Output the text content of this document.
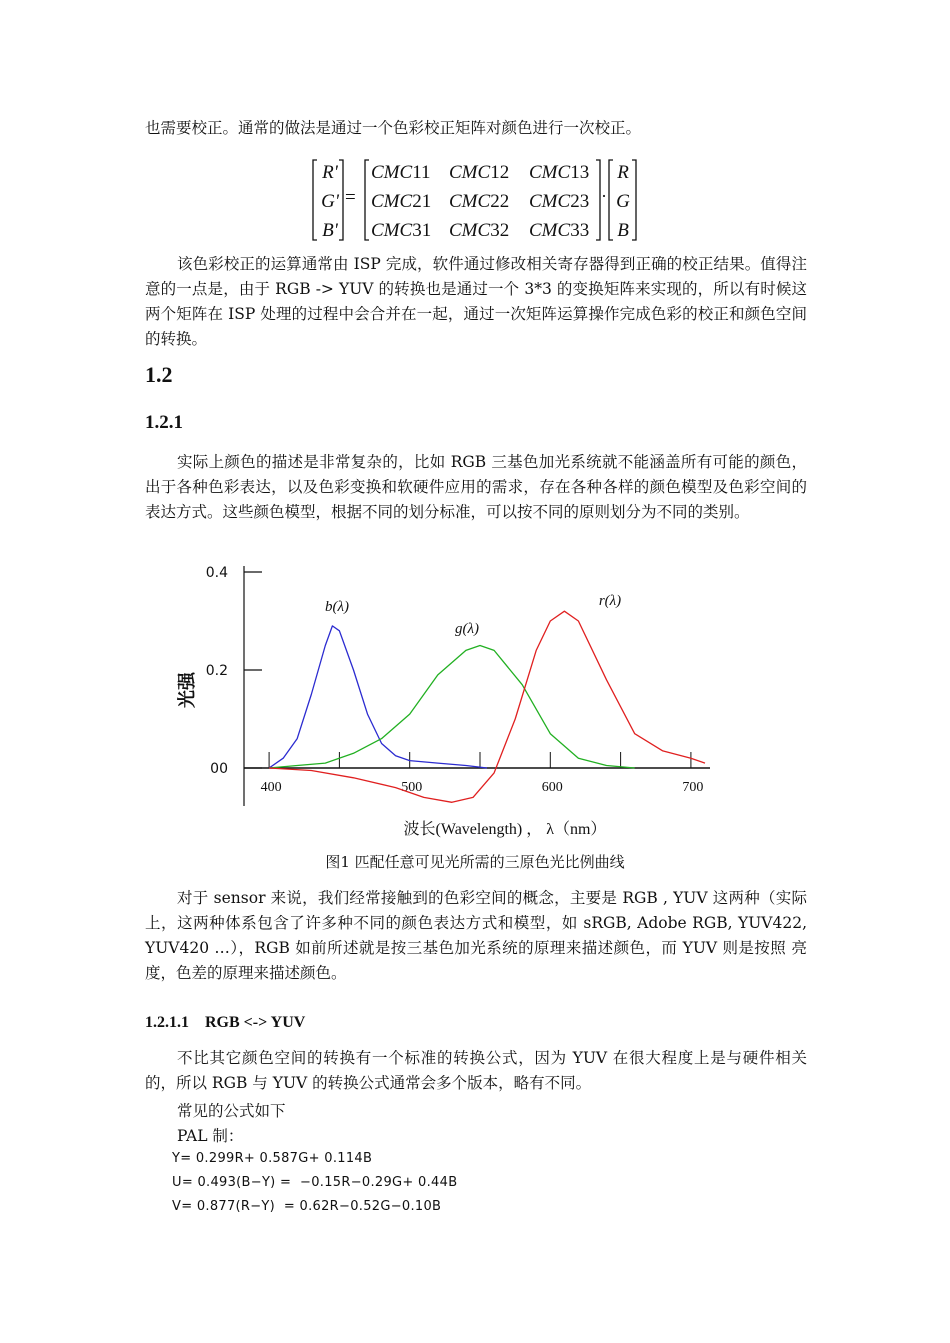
也需要校正。通常的做法是通过一个色彩校正矩阵对颜色进行一次校正。
R'
G'
B'
=
CMC11 CMC12 CMC13
CMC21 CMC22 CMC23
CMC31 CMC32 CMC33
·
R
G
B
该色彩校正的运算通常由 ISP 完成，软件通过修改相关寄存器得到正确的校正结果。值得注意的一点是，由于 RGB -> YUV 的转换也是通过一个 3*3 的变换矩阵来实现的，所以有时候这两个矩阵在 ISP 处理的过程中会合并在一起，通过一次矩阵运算操作完成色彩的校正和颜色空间的转换。
1.2
1.2.1
实际上颜色的描述是非常复杂的，比如 RGB 三基色加光系统就不能涵盖所有可能的颜色，出于各种色彩表达，以及色彩变换和软硬件应用的需求，存在各种各样的颜色模型及色彩空间的表达方式。这些颜色模型，根据不同的划分标准，可以按不同的原则划分为不同的类别。
00
0.2
0.4
400	500	600	700
b(λ)
g(λ)
r(λ)
光强
波长(Wavelength) ， λ（nm）
图1 匹配任意可见光所需的三原色光比例曲线
对于 sensor 来说，我们经常接触到的色彩空间的概念，主要是 RGB , YUV 这两种（实际上，这两种体系包含了许多种不同的颜色表达方式和模型，如 sRGB, Adobe RGB, YUV422, YUV420 …），RGB 如前所述就是按三基色加光系统的原理来描述颜色，而 YUV 则是按照 亮度，色差的原理来描述颜色。
1.2.1.1    RGB <-> YUV
不比其它颜色空间的转换有一个标准的转换公式，因为 YUV 在很大程度上是与硬件相关的，所以 RGB 与 YUV 的转换公式通常会多个版本，略有不同。
常见的公式如下
PAL 制：
Y= 0.299R+ 0.587G+ 0.114B
U= 0.493(B−Y) =  −0.15R−0.29G+ 0.44B
V= 0.877(R−Y)  = 0.62R−0.52G−0.10B
